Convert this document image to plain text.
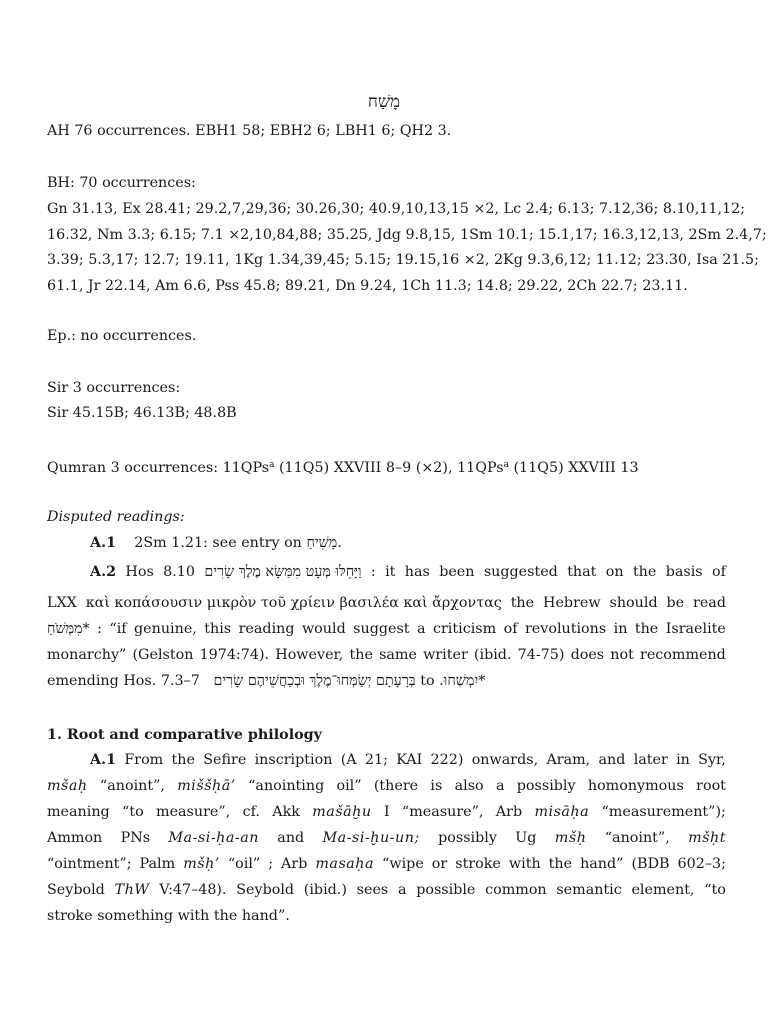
מָשַׁח
AH 76 occurrences. EBH1 58; EBH2 6; LBH1 6; QH2 3.
BH: 70 occurrences:
Gn 31.13, Ex 28.41; 29.2,7,29,36; 30.26,30; 40.9,10,13,15 ×2, Lc 2.4; 6.13; 7.12,36; 8.10,11,12;
16.32, Nm 3.3; 6.15; 7.1 ×2,10,84,88; 35.25, Jdg 9.8,15, 1Sm 10.1; 15.1,17; 16.3,12,13, 2Sm 2.4,7;
3.39; 5.3,17; 12.7; 19.11, 1Kg 1.34,39,45; 5.15; 19.15,16 ×2, 2Kg 9.3,6,12; 11.12; 23.30, Isa 21.5;
61.1, Jr 22.14, Am 6.6, Pss 45.8; 89.21, Dn 9.24, 1Ch 11.3; 14.8; 29.22, 2Ch 22.7; 23.11.
Ep.: no occurrences.
Sir 3 occurrences:
Sir 45.15B; 46.13B; 48.8B
Qumran 3 occurrences: 11QPs$^a$ (11Q5) XXVIII 8–9 (×2), 11QPs$^a$ (11Q5) XXVIII 13
Disputed readings:
A.1 2Sm 1.21: see entry on מָשִׁיחַ.
A.2 Hos 8.10 וַיָּחֵלּוּ מְּעָט מִמַּשָּׂא מֶלֶךְ שָׂרִים : it has been suggested that on the basis of
LXX καὶ κοπάσουσιν μικρὸν τοῦ χρίειν βασιλέα καὶ ἄρχοντας the Hebrew should be read
*מִמְּשֹׁחַ : “if genuine, this reading would suggest a criticism of revolutions in the Israelite
monarchy” (Gelston 1974:74). However, the same writer (ibid. 74-75) does not recommend
emending Hos. 7.3–7 בְּרָעָתָם יְשַׂמְּחוּ־מֶלֶךְ וּבְכַחֲשֵׁיהֶם שָׂרִים to *יִמְשְׁחוּ.
1. Root and comparative philology
A.1 From the Sefire inscription (A 21; KAI 222) onwards, Aram, and later in Syr,
mšaḥ “anoint”, miššḥā’ “anointing oil” (there is also a possibly homonymous root
meaning “to measure”, cf. Akk mašāḫu I “measure”, Arb misāḥa “measurement”);
Ammon PNs Ma-si-ḥa-an and Ma-si-ḫu-un; possibly Ug mšḥ “anoint”, mšḥt
“ointment”; Palm mšḥ’ “oil” ; Arb masaḥa “wipe or stroke with the hand” (BDB 602–3;
Seybold ThW V:47–48). Seybold (ibid.) sees a possible common semantic element, “to
stroke something with the hand”.
